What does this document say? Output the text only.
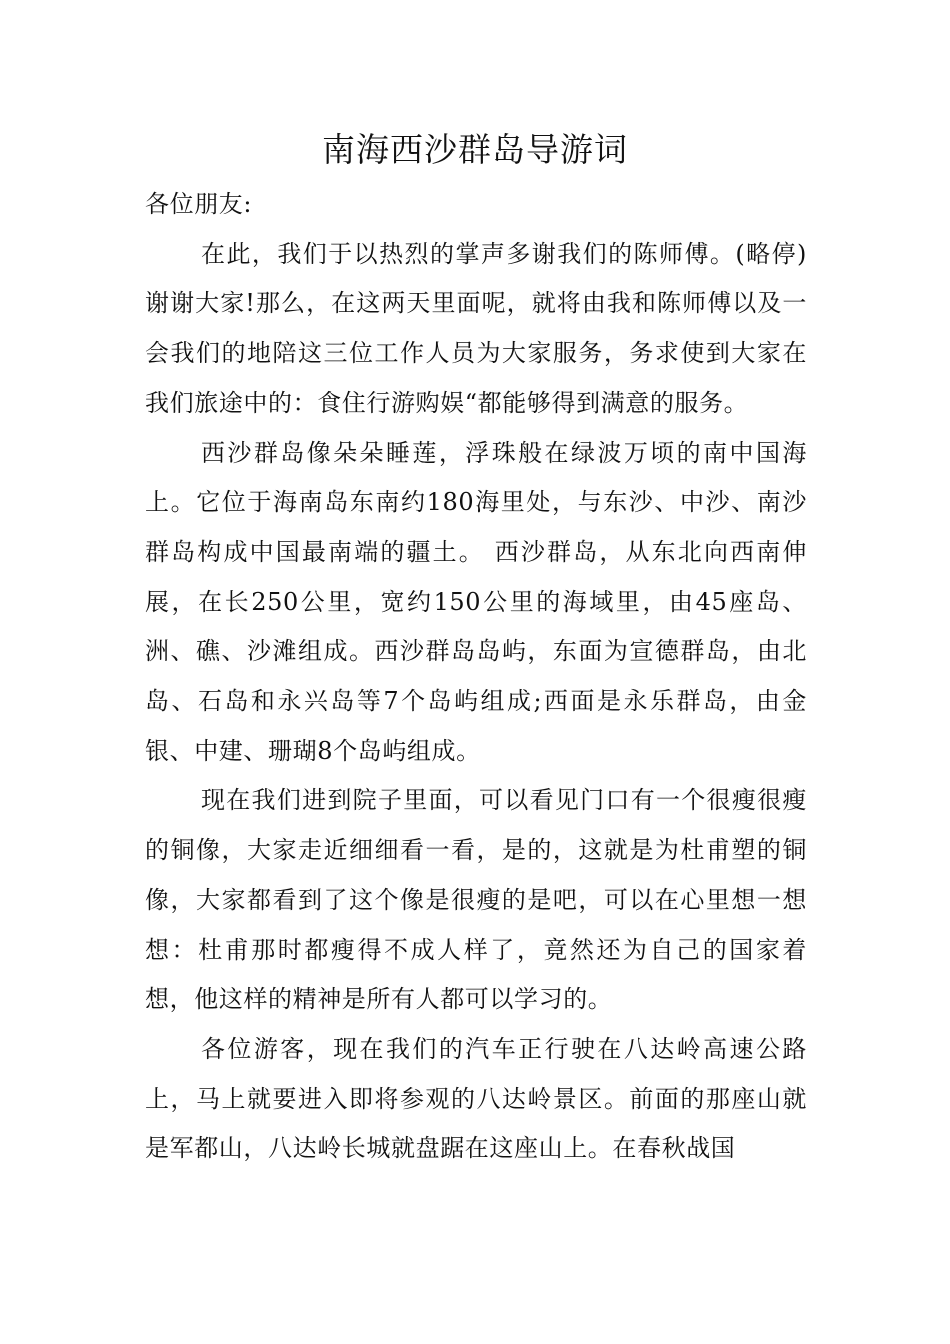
南海西沙群岛导游词

各位朋友:

在此，我们于以热烈的掌声多谢我们的陈师傅。(略停)谢谢大家!那么，在这两天里面呢，就将由我和陈师傅以及一会我们的地陪这三位工作人员为大家服务，务求使到大家在我们旅途中的：食住行游购娱“都能够得到满意的服务。

西沙群岛像朵朵睡莲，浮珠般在绿波万顷的南中国海上。它位于海南岛东南约180海里处，与东沙、中沙、南沙群岛构成中国最南端的疆土。 西沙群岛，从东北向西南伸展，在长250公里，宽约150公里的海域里，由45座岛、洲、礁、沙滩组成。西沙群岛岛屿，东面为宣德群岛，由北岛、石岛和永兴岛等7个岛屿组成;西面是永乐群岛，由金银、中建、珊瑚8个岛屿组成。

现在我们进到院子里面，可以看见门口有一个很瘦很瘦的铜像，大家走近细细看一看，是的，这就是为杜甫塑的铜像，大家都看到了这个像是很瘦的是吧，可以在心里想一想想：杜甫那时都瘦得不成人样了，竟然还为自己的国家着想，他这样的精神是所有人都可以学习的。

各位游客，现在我们的汽车正行驶在八达岭高速公路上，马上就要进入即将参观的八达岭景区。前面的那座山就是军都山，八达岭长城就盘踞在这座山上。在春秋战国
